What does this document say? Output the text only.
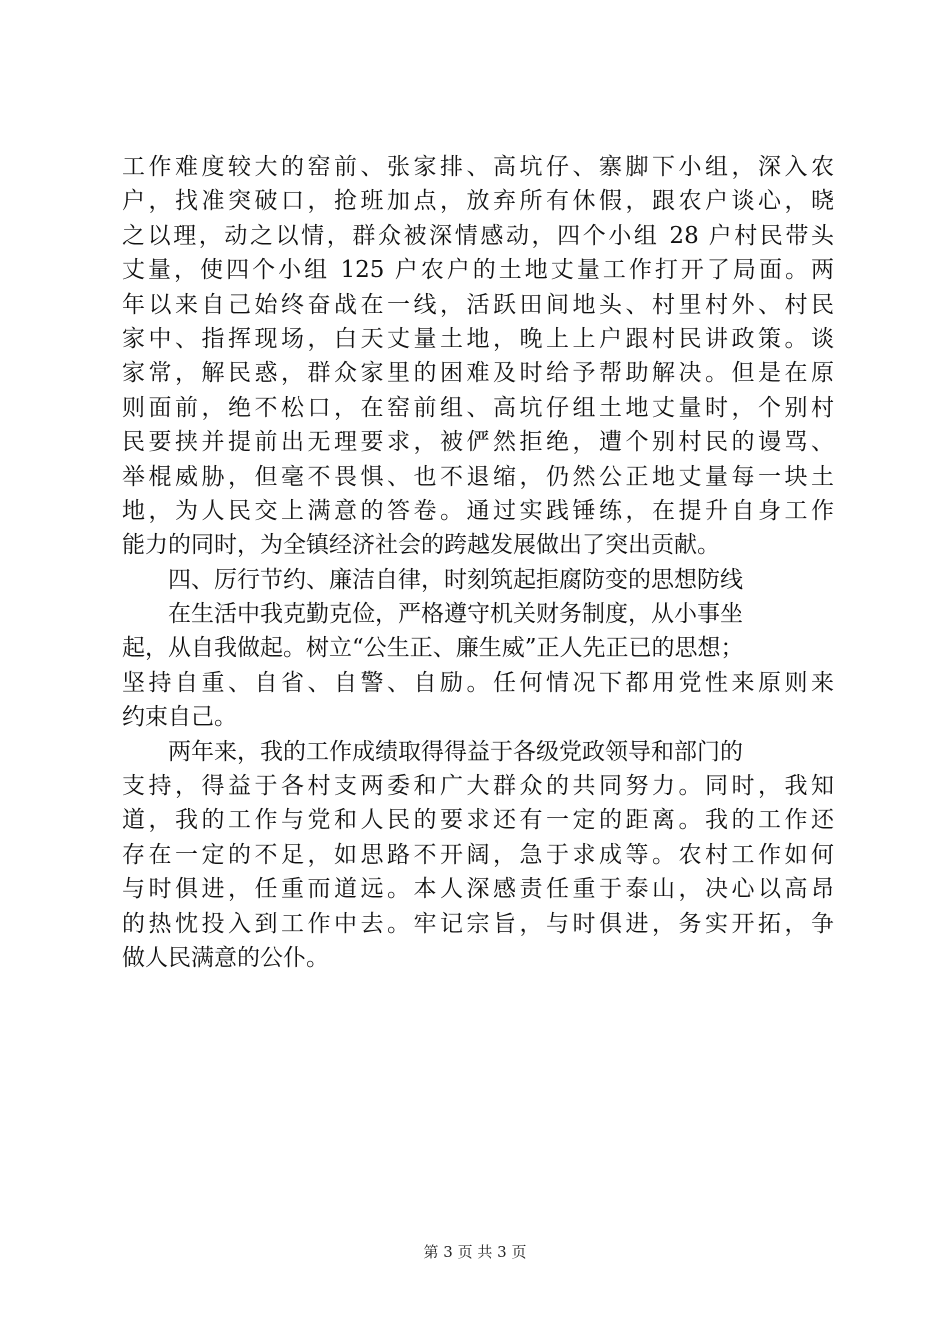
工作难度较大的窑前、张家排、高坑仔、寨脚下小组，深入农
户，找准突破口，抢班加点，放弃所有休假，跟农户谈心，晓
之以理，动之以情，群众被深情感动，四个小组 28 户村民带头
丈量，使四个小组 125 户农户的土地丈量工作打开了局面。两
年以来自己始终奋战在一线，活跃田间地头、村里村外、村民
家中、指挥现场，白天丈量土地，晚上上户跟村民讲政策。谈
家常，解民惑，群众家里的困难及时给予帮助解决。但是在原
则面前，绝不松口，在窑前组、高坑仔组土地丈量时，个别村
民要挟并提前出无理要求，被俨然拒绝，遭个别村民的谩骂、
举棍威胁，但毫不畏惧、也不退缩，仍然公正地丈量每一块土
地，为人民交上满意的答卷。通过实践锤练，在提升自身工作
能力的同时，为全镇经济社会的跨越发展做出了突出贡献。
四、厉行节约、廉洁自律，时刻筑起拒腐防变的思想防线
在生活中我克勤克俭，严格遵守机关财务制度，从小事坐
起，从自我做起。树立“公生正、廉生威”正人先正已的思想；
坚持自重、自省、自警、自励。任何情况下都用党性来原则来
约束自己。
两年来，我的工作成绩取得得益于各级党政领导和部门的
支持，得益于各村支两委和广大群众的共同努力。同时，我知
道，我的工作与党和人民的要求还有一定的距离。我的工作还
存在一定的不足，如思路不开阔，急于求成等。农村工作如何
与时俱进，任重而道远。本人深感责任重于泰山，决心以高昂
的热忱投入到工作中去。牢记宗旨，与时俱进，务实开拓，争
做人民满意的公仆。
第 3 页 共 3 页
